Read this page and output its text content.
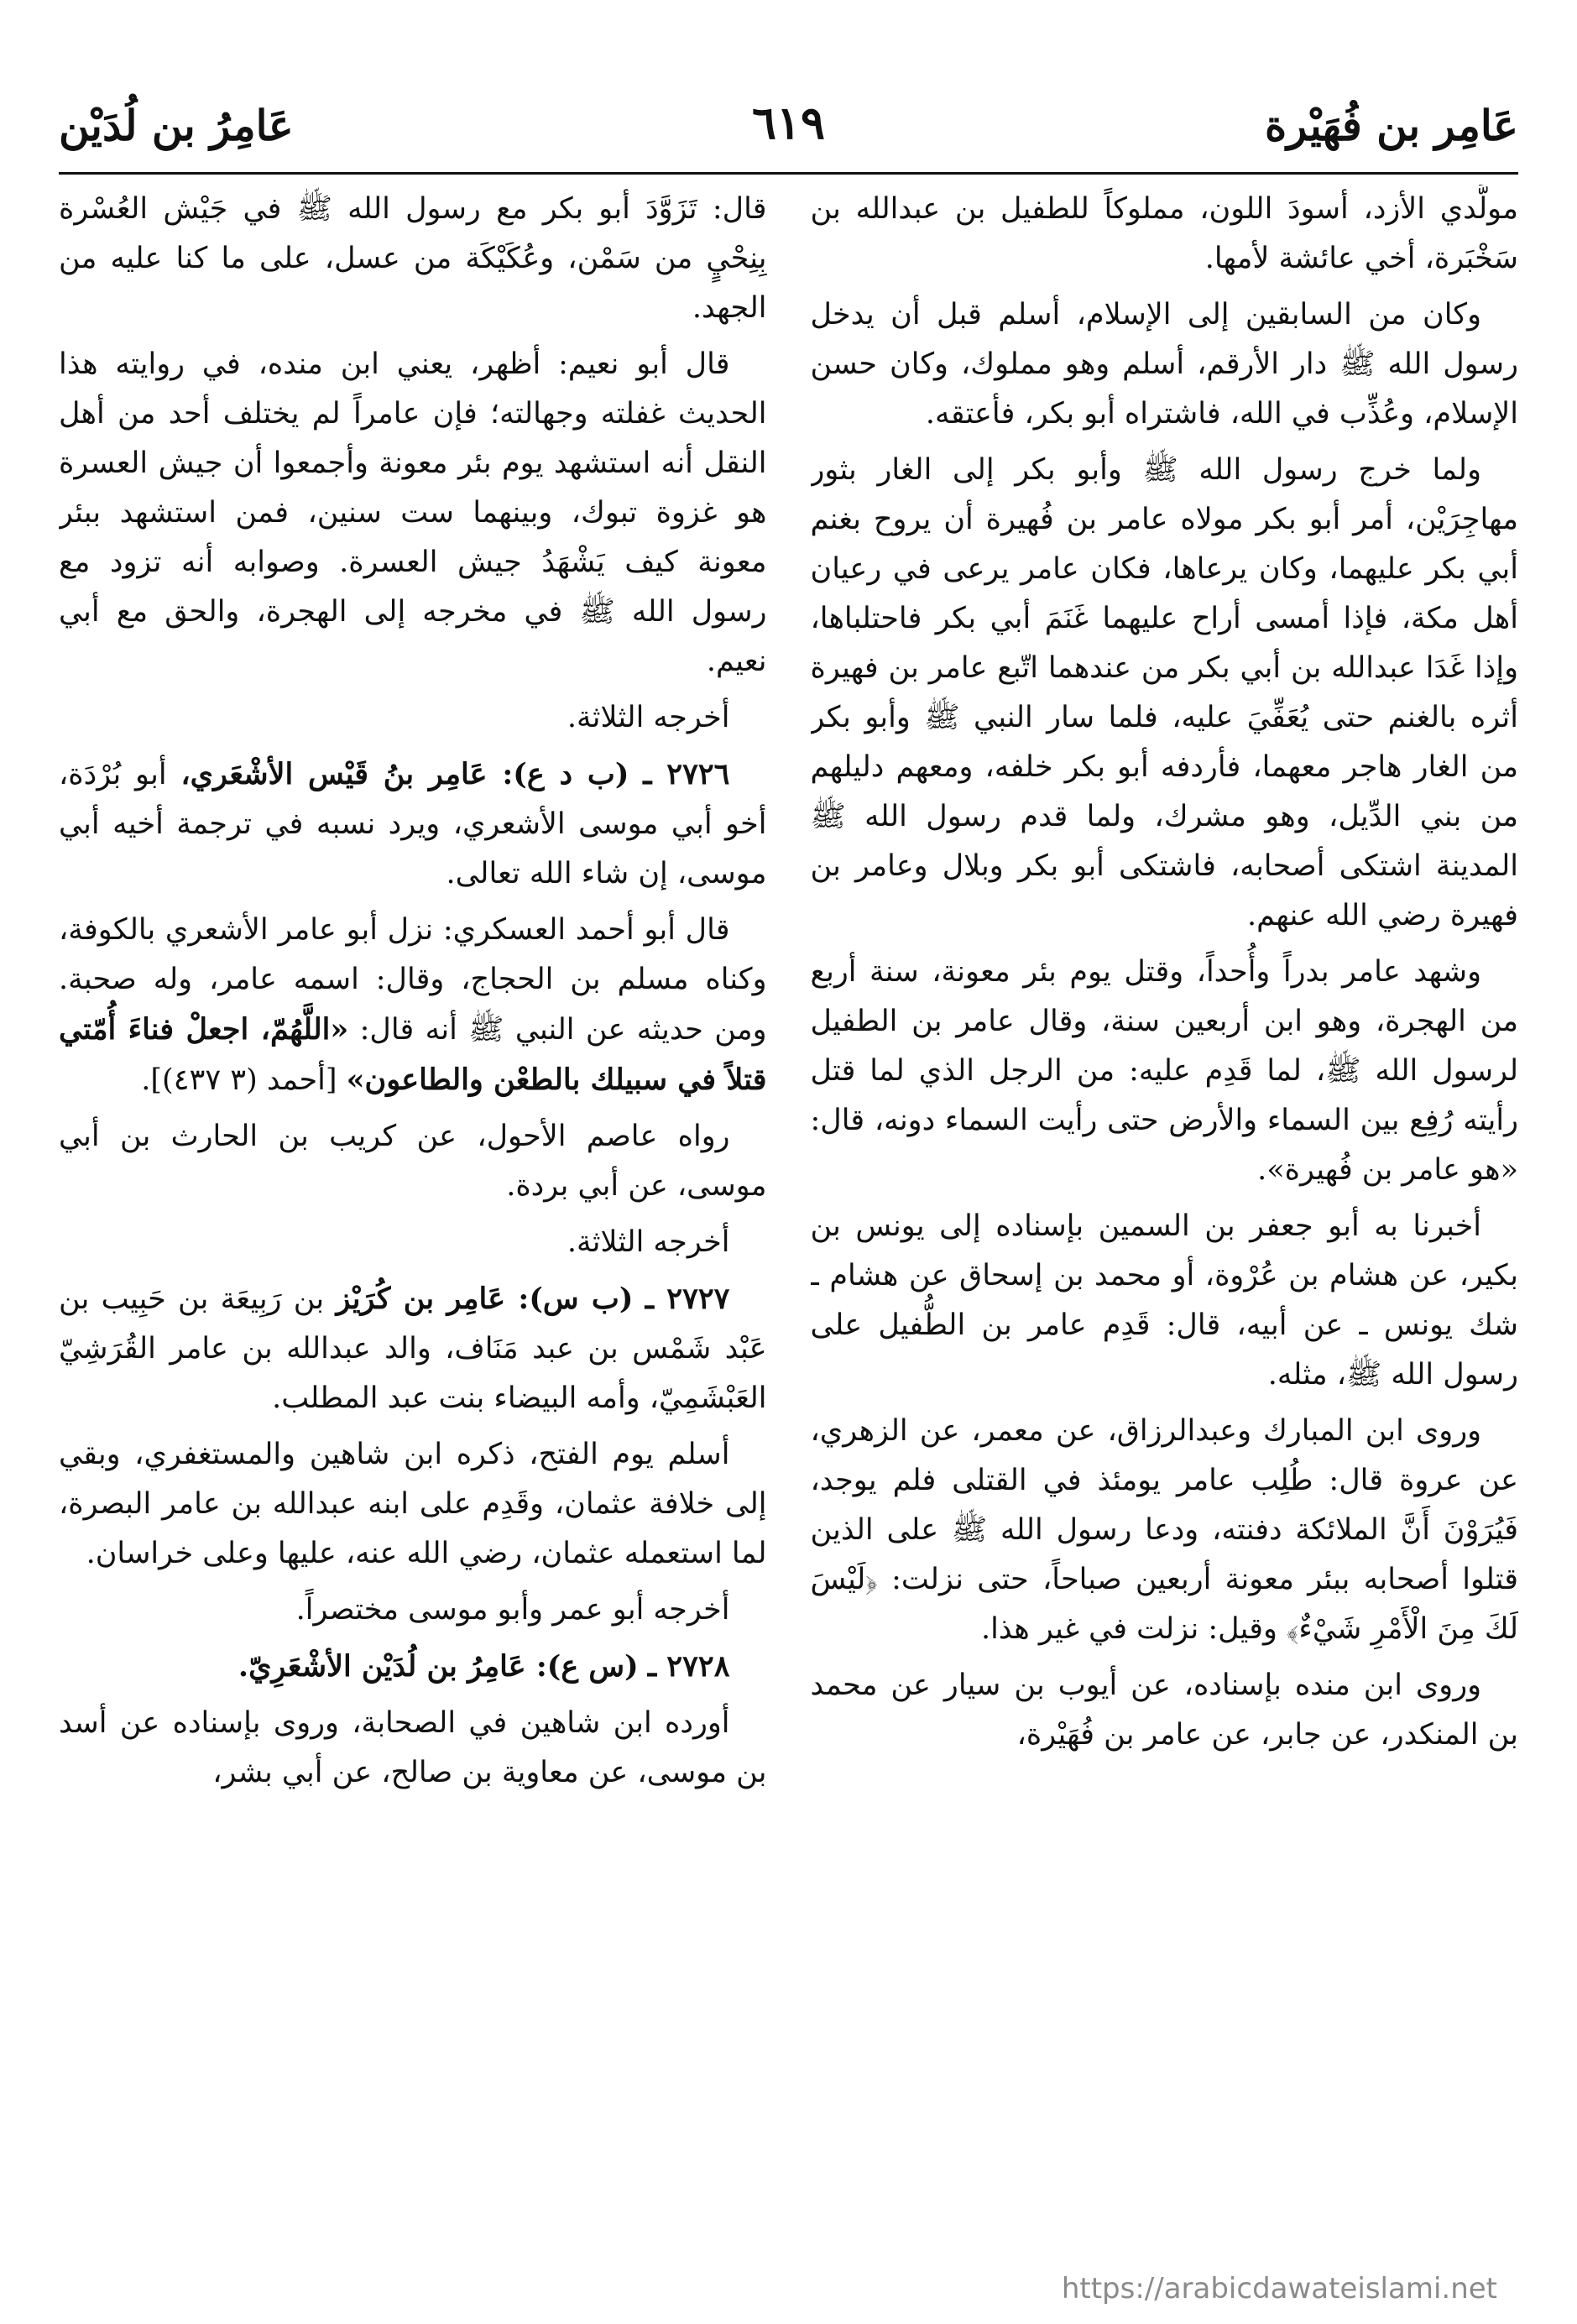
عَامِر بن فُهَيْرة
٦١٩
عَامِرُ بن لُدَيْن

مولَّدي الأزد، أسودَ اللون، مملوكاً للطفيل بن عبدالله بن سَخْبَرة، أخي عائشة لأمها.

وكان من السابقين إلى الإسلام، أسلم قبل أن يدخل رسول الله ﷺ دار الأرقم، أسلم وهو مملوك، وكان حسن الإسلام، وعُذِّب في الله، فاشتراه أبو بكر، فأعتقه.

ولما خرج رسول الله ﷺ وأبو بكر إلى الغار بثور مهاجِرَيْن، أمر أبو بكر مولاه عامر بن فُهيرة أن يروح بغنم أبي بكر عليهما، وكان يرعاها، فكان عامر يرعى في رعيان أهل مكة، فإذا أمسى أراح عليهما غَنَمَ أبي بكر فاحتلباها، وإذا غَدَا عبدالله بن أبي بكر من عندهما اتّبع عامر بن فهيرة أثره بالغنم حتى يُعَفِّيَ عليه، فلما سار النبي ﷺ وأبو بكر من الغار هاجر معهما، فأردفه أبو بكر خلفه، ومعهم دليلهم من بني الدِّيل، وهو مشرك، ولما قدم رسول الله ﷺ المدينة اشتكى أصحابه، فاشتكى أبو بكر وبلال وعامر بن فهيرة رضي الله عنهم.

وشهد عامر بدراً وأُحداً، وقتل يوم بئر معونة، سنة أربع من الهجرة، وهو ابن أربعين سنة، وقال عامر بن الطفيل لرسول الله ﷺ، لما قَدِم عليه: من الرجل الذي لما قتل رأيته رُفِع بين السماء والأرض حتى رأيت السماء دونه، قال: «هو عامر بن فُهيرة».

أخبرنا به أبو جعفر بن السمين بإسناده إلى يونس بن بكير، عن هشام بن عُرْوة، أو محمد بن إسحاق عن هشام ـ شك يونس ـ عن أبيه، قال: قَدِم عامر بن الطُّفيل على رسول الله ﷺ، مثله.

وروى ابن المبارك وعبدالرزاق، عن معمر، عن الزهري، عن عروة قال: طُلِب عامر يومئذ في القتلى فلم يوجد، فَيُرَوْنَ أَنَّ الملائكة دفنته، ودعا رسول الله ﷺ على الذين قتلوا أصحابه ببئر معونة أربعين صباحاً، حتى نزلت: ﴿لَيْسَ لَكَ مِنَ الْأَمْرِ شَيْءٌ﴾ وقيل: نزلت في غير هذا.

وروى ابن منده بإسناده، عن أيوب بن سيار عن محمد بن المنكدر، عن جابر، عن عامر بن فُهَيْرة،

قال: تَزَوَّدَ أبو بكر مع رسول الله ﷺ في جَيْش العُسْرة بِنِحْيٍ من سَمْن، وعُكَيْكَة من عسل، على ما كنا عليه من الجهد.

قال أبو نعيم: أظهر، يعني ابن منده، في روايته هذا الحديث غفلته وجهالته؛ فإن عامراً لم يختلف أحد من أهل النقل أنه استشهد يوم بئر معونة وأجمعوا أن جيش العسرة هو غزوة تبوك، وبينهما ست سنين، فمن استشهد ببئر معونة كيف يَشْهَدُ جيش العسرة. وصوابه أنه تزود مع رسول الله ﷺ في مخرجه إلى الهجرة، والحق مع أبي نعيم.

أخرجه الثلاثة.

٢٧٢٦ ـ (ب د ع): عَامِر بنُ قَيْس الأشْعَري، أبو بُرْدَة، أخو أبي موسى الأشعري، ويرد نسبه في ترجمة أخيه أبي موسى، إن شاء الله تعالى.

قال أبو أحمد العسكري: نزل أبو عامر الأشعري بالكوفة، وكناه مسلم بن الحجاج، وقال: اسمه عامر، وله صحبة. ومن حديثه عن النبي ﷺ أنه قال: «اللَّهُمّ، اجعلْ فناءَ أُمّتي قتلاً في سبيلك بالطعْن والطاعون» [أحمد (٣ ٤٣٧)].

رواه عاصم الأحول، عن كريب بن الحارث بن أبي موسى، عن أبي بردة.

أخرجه الثلاثة.

٢٧٢٧ ـ (ب س): عَامِر بن كُرَيْز بن رَبِيعَة بن حَبِيب بن عَبْد شَمْس بن عبد مَنَاف، والد عبدالله بن عامر القُرَشِيّ العَبْشَمِيّ، وأمه البيضاء بنت عبد المطلب.

أسلم يوم الفتح، ذكره ابن شاهين والمستغفري، وبقي إلى خلافة عثمان، وقَدِم على ابنه عبدالله بن عامر البصرة، لما استعمله عثمان، رضي الله عنه، عليها وعلى خراسان.

أخرجه أبو عمر وأبو موسى مختصراً.

٢٧٢٨ ـ (س ع): عَامِرُ بن لُدَيْن الأشْعَرِيّ.

أورده ابن شاهين في الصحابة، وروى بإسناده عن أسد بن موسى، عن معاوية بن صالح، عن أبي بشر،

https://arabicdawateislami.net
